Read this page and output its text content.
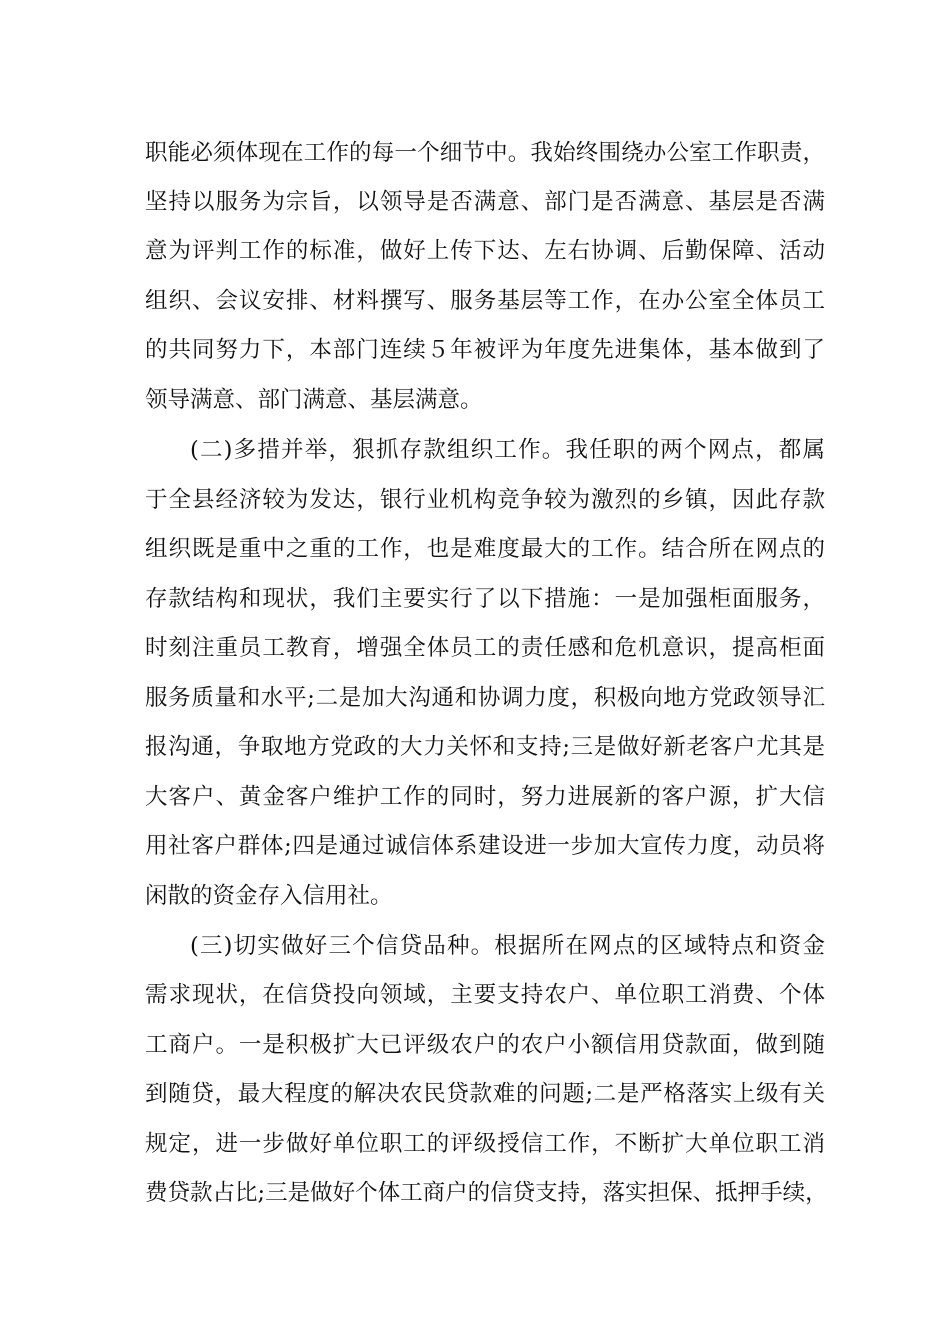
职能必须体现在工作的每一个细节中。我始终围绕办公室工作职责，
坚持以服务为宗旨，以领导是否满意、部门是否满意、基层是否满
意为评判工作的标准，做好上传下达、左右协调、后勤保障、活动
组织、会议安排、材料撰写、服务基层等工作，在办公室全体员工
的共同努力下，本部门连续５年被评为年度先进集体，基本做到了
领导满意、部门满意、基层满意。
(二)多措并举，狠抓存款组织工作。我任职的两个网点，都属
于全县经济较为发达，银行业机构竞争较为激烈的乡镇，因此存款
组织既是重中之重的工作，也是难度最大的工作。结合所在网点的
存款结构和现状，我们主要实行了以下措施：一是加强柜面服务，
时刻注重员工教育，增强全体员工的责任感和危机意识，提高柜面
服务质量和水平;二是加大沟通和协调力度，积极向地方党政领导汇
报沟通，争取地方党政的大力关怀和支持;三是做好新老客户尤其是
大客户、黄金客户维护工作的同时，努力进展新的客户源，扩大信
用社客户群体;四是通过诚信体系建设进一步加大宣传力度，动员将
闲散的资金存入信用社。
(三)切实做好三个信贷品种。根据所在网点的区域特点和资金
需求现状，在信贷投向领域，主要支持农户、单位职工消费、个体
工商户。一是积极扩大已评级农户的农户小额信用贷款面，做到随
到随贷，最大程度的解决农民贷款难的问题;二是严格落实上级有关
规定，进一步做好单位职工的评级授信工作，不断扩大单位职工消
费贷款占比;三是做好个体工商户的信贷支持，落实担保、抵押手续，
